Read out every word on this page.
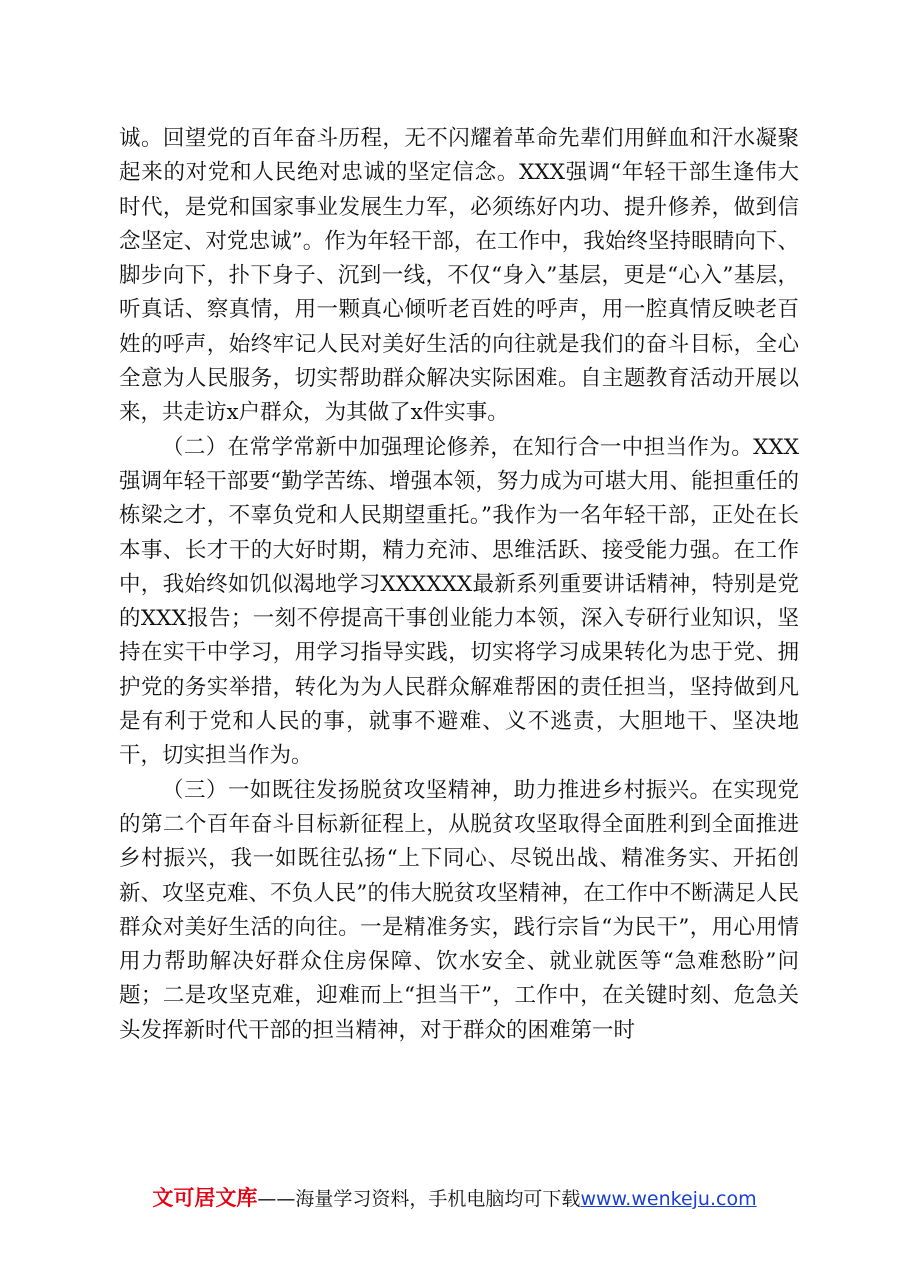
诚。回望党的百年奋斗历程，无不闪耀着革命先辈们用鲜血和汗水凝聚起来的对党和人民绝对忠诚的坚定信念。XXX强调“年轻干部生逢伟大时代，是党和国家事业发展生力军，必须练好内功、提升修养，做到信念坚定、对党忠诚”。作为年轻干部，在工作中，我始终坚持眼睛向下、脚步向下，扑下身子、沉到一线，不仅“身入”基层，更是“心入”基层，听真话、察真情，用一颗真心倾听老百姓的呼声，用一腔真情反映老百姓的呼声，始终牢记人民对美好生活的向往就是我们的奋斗目标，全心全意为人民服务，切实帮助群众解决实际困难。自主题教育活动开展以来，共走访x户群众，为其做了x件实事。

（二）在常学常新中加强理论修养，在知行合一中担当作为。XXX强调年轻干部要“勤学苦练、增强本领，努力成为可堪大用、能担重任的栋梁之才，不辜负党和人民期望重托。”我作为一名年轻干部，正处在长本事、长才干的大好时期，精力充沛、思维活跃、接受能力强。在工作中，我始终如饥似渴地学习XXXXXX最新系列重要讲话精神，特别是党的XXX报告；一刻不停提高干事创业能力本领，深入专研行业知识，坚持在实干中学习，用学习指导实践，切实将学习成果转化为忠于党、拥护党的务实举措，转化为为人民群众解难帮困的责任担当，坚持做到凡是有利于党和人民的事，就事不避难、义不逃责，大胆地干、坚决地干，切实担当作为。

（三）一如既往发扬脱贫攻坚精神，助力推进乡村振兴。在实现党的第二个百年奋斗目标新征程上，从脱贫攻坚取得全面胜利到全面推进乡村振兴，我一如既往弘扬“上下同心、尽锐出战、精准务实、开拓创新、攻坚克难、不负人民”的伟大脱贫攻坚精神，在工作中不断满足人民群众对美好生活的向往。一是精准务实，践行宗旨“为民干”，用心用情用力帮助解决好群众住房保障、饮水安全、就业就医等“急难愁盼”问题；二是攻坚克难，迎难而上“担当干”，工作中，在关键时刻、危急关头发挥新时代干部的担当精神，对于群众的困难第一时

文可居文库——海量学习资料，手机电脑均可下载www.wenkeju.com
